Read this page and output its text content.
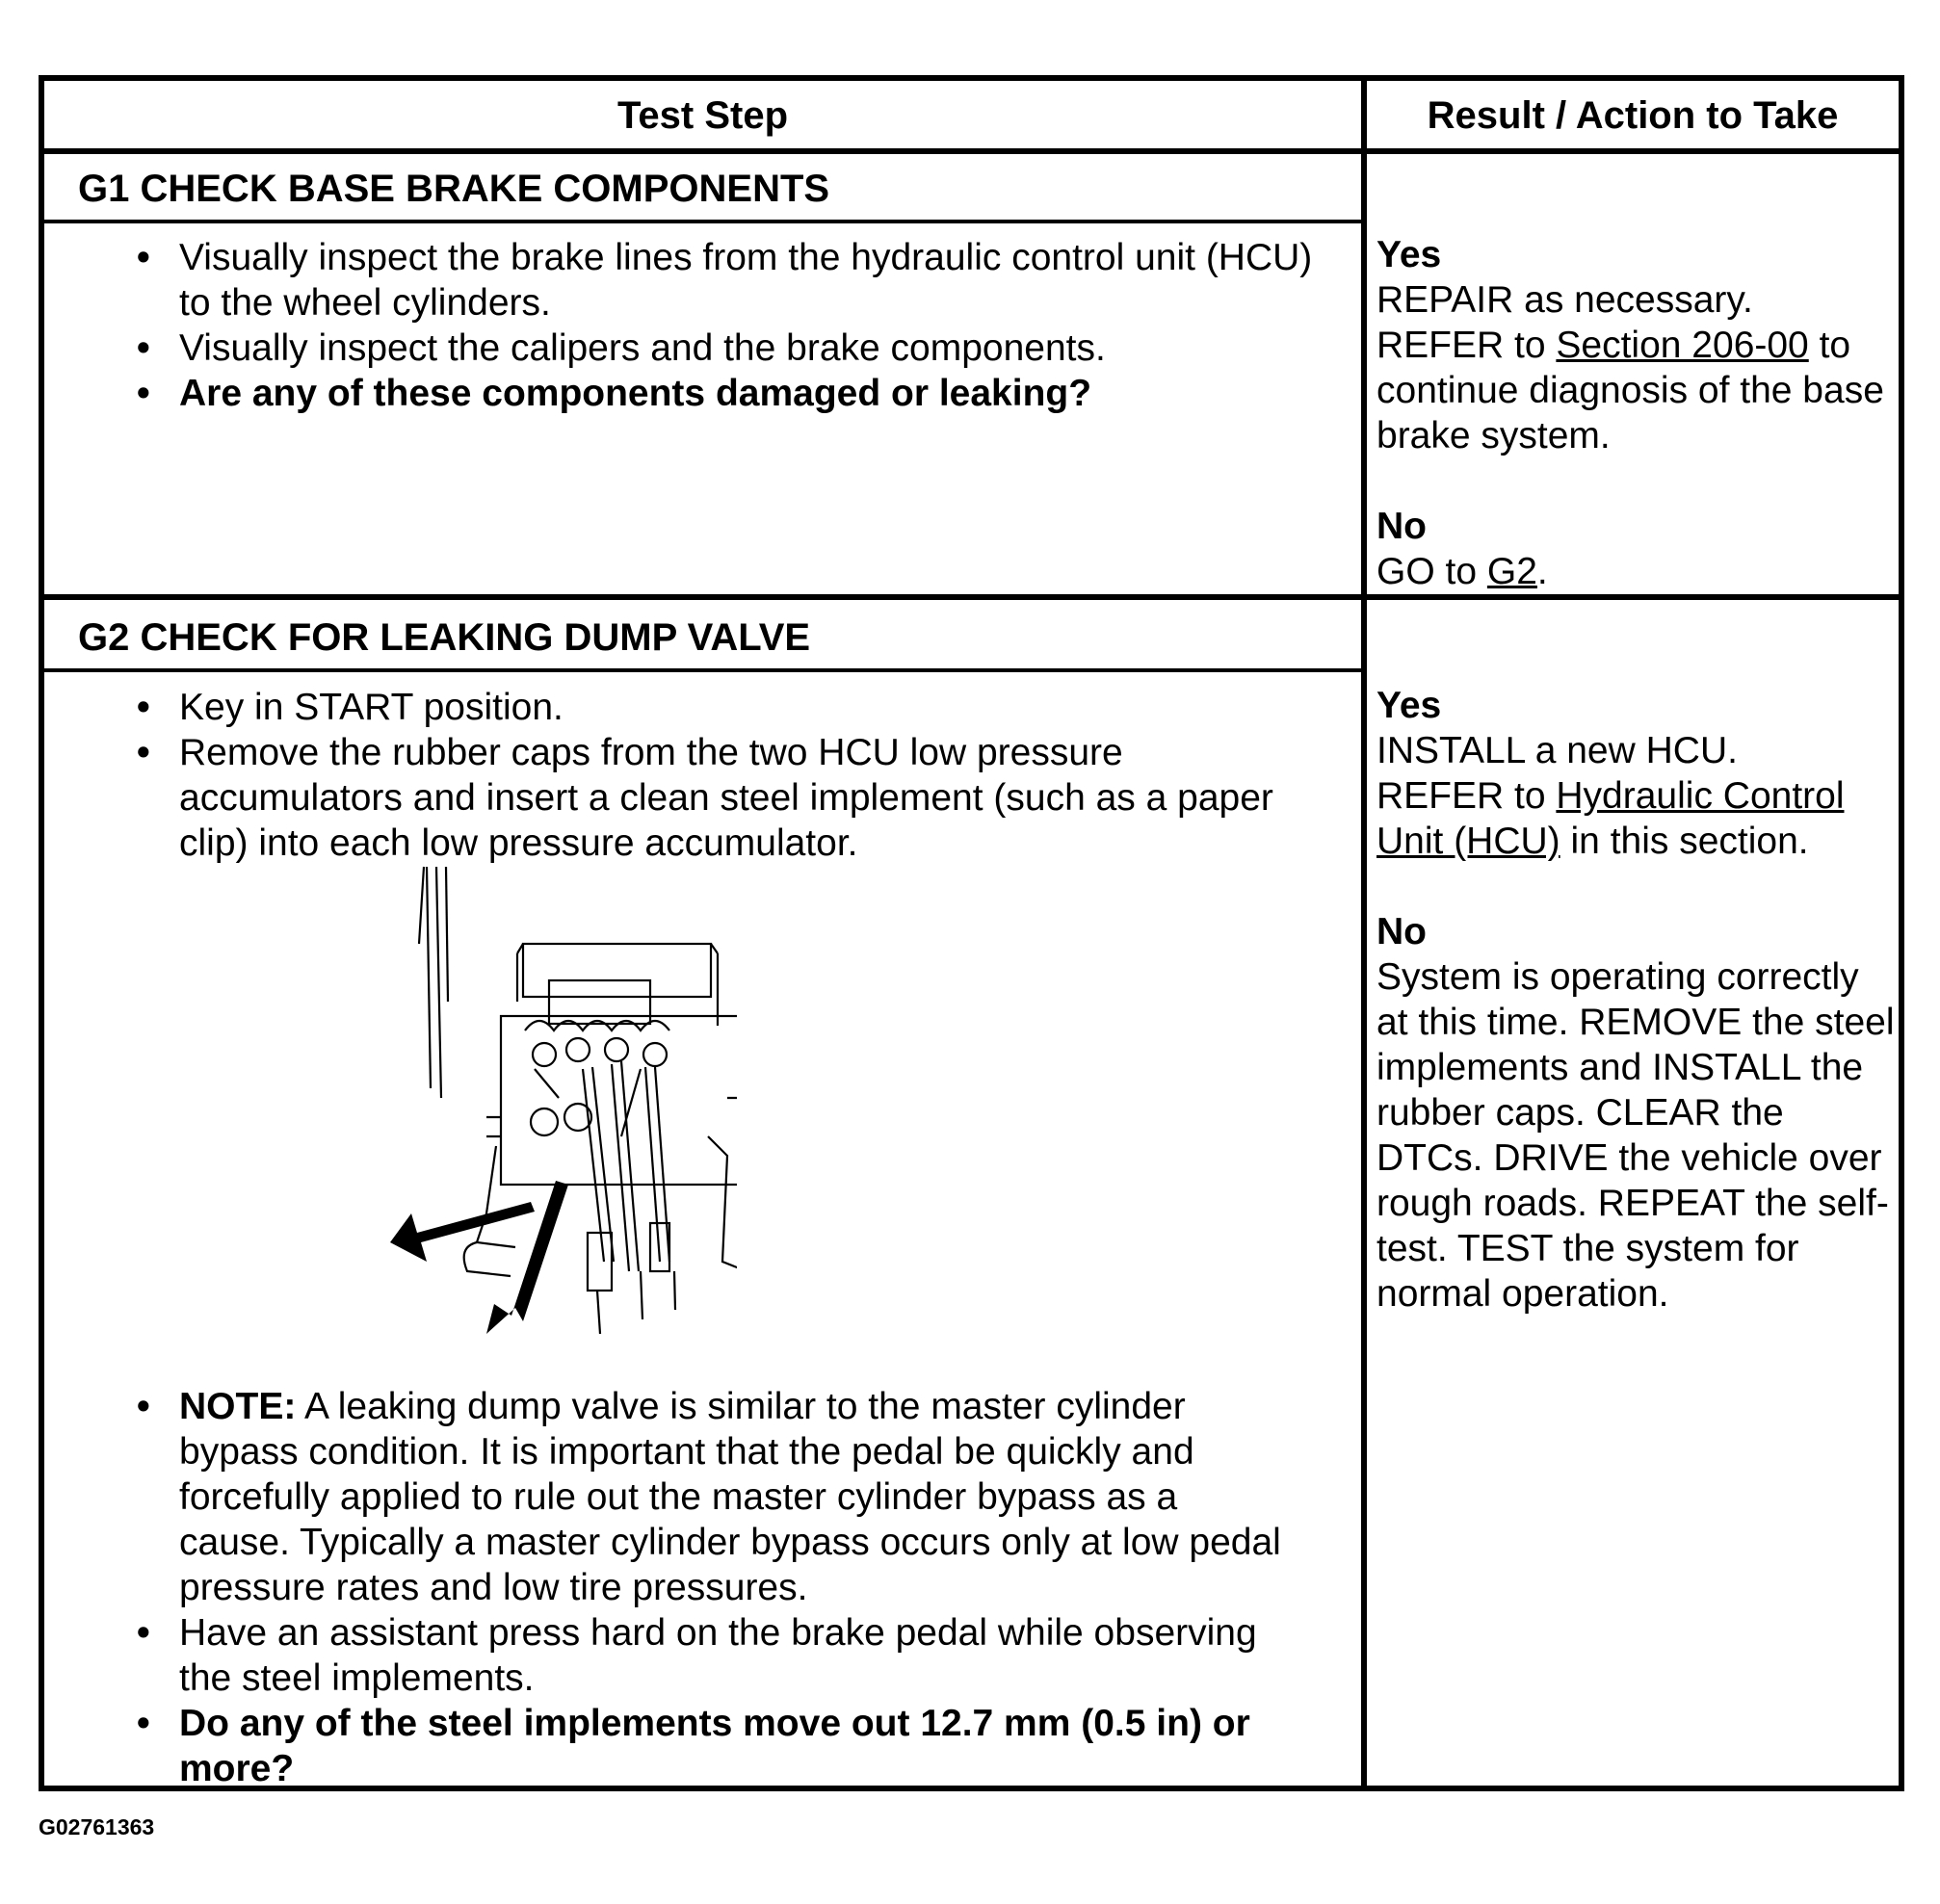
Test Step	Result / Action to Take
G1 CHECK BASE BRAKE COMPONENTS
• Visually inspect the brake lines from the hydraulic control unit (HCU) to the wheel cylinders.
• Visually inspect the calipers and the brake components.
• Are any of these components damaged or leaking?
Yes
REPAIR as necessary.
REFER to Section 206-00 to continue diagnosis of the base brake system.
No
GO to G2.
G2 CHECK FOR LEAKING DUMP VALVE
• Key in START position.
• Remove the rubber caps from the two HCU low pressure accumulators and insert a clean steel implement (such as a paper clip) into each low pressure accumulator.
• NOTE: A leaking dump valve is similar to the master cylinder bypass condition. It is important that the pedal be quickly and forcefully applied to rule out the master cylinder bypass as a cause. Typically a master cylinder bypass occurs only at low pedal pressure rates and low tire pressures.
• Have an assistant press hard on the brake pedal while observing the steel implements.
• Do any of the steel implements move out 12.7 mm (0.5 in) or more?
Yes
INSTALL a new HCU.
REFER to Hydraulic Control Unit (HCU) in this section.
No
System is operating correctly at this time. REMOVE the steel implements and INSTALL the rubber caps. CLEAR the DTCs. DRIVE the vehicle over rough roads. REPEAT the self-test. TEST the system for normal operation.
G02761363
